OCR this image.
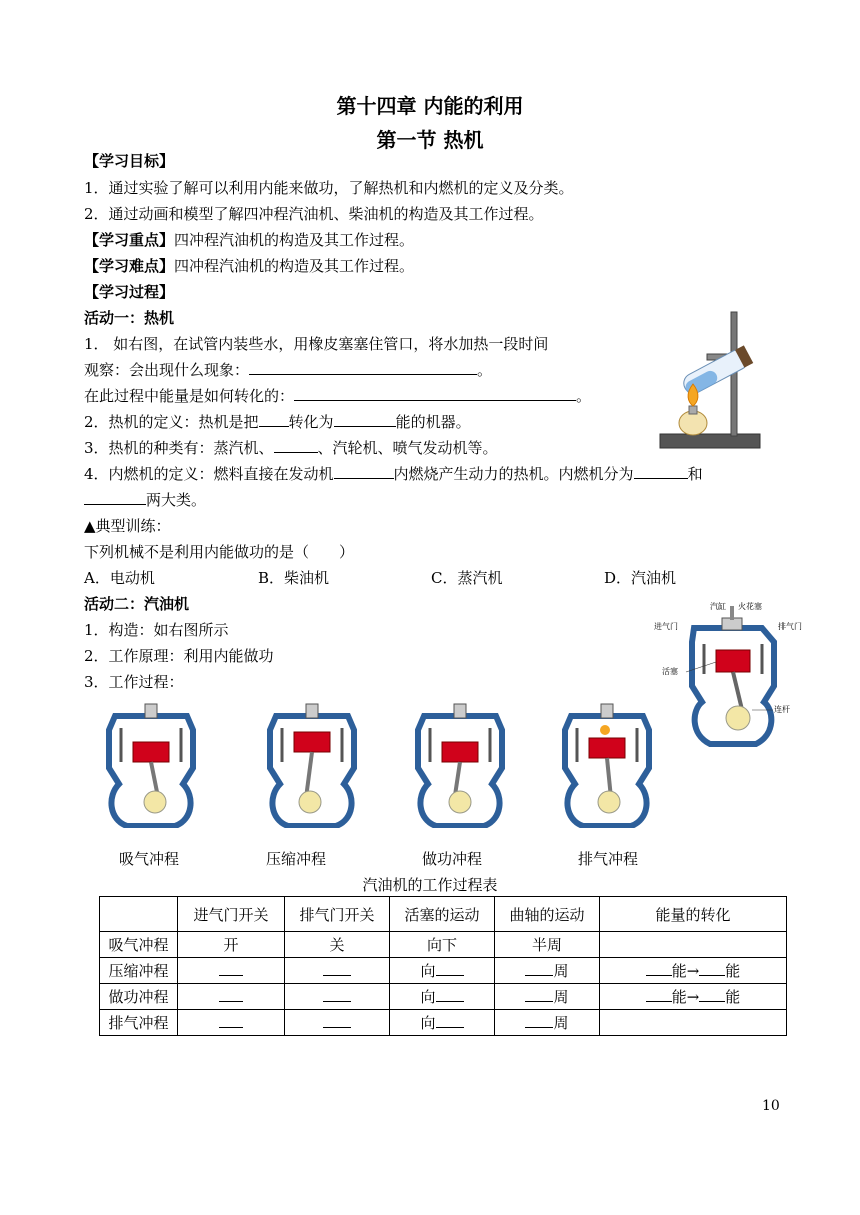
第十四章 内能的利用
第一节 热机
【学习目标】
1．通过实验了解可以利用内能来做功，了解热机和内燃机的定义及分类。
2．通过动画和模型了解四冲程汽油机、柴油机的构造及其工作过程。
【学习重点】四冲程汽油机的构造及其工作过程。
【学习难点】四冲程汽油机的构造及其工作过程。
【学习过程】
活动一：热机
1． 如右图，在试管内装些水，用橡皮塞塞住管口，将水加热一段时间
观察：会出现什么现象：	。
在此过程中能量是如何转化的：	。
2．热机的定义：热机是把 转化为	能的机器。
3．热机的种类有：蒸汽机、	、汽轮机、喷气发动机等。
4．内燃机的定义：燃料直接在发动机	内燃烧产生动力的热机。内燃机分为	和
两大类。
▲典型训练：
下列机械不是利用内能做功的是（　　）
A．电动机	B．柴油机	C．蒸汽机	D．汽油机
活动二：汽油机
1．构造：如右图所示
2．工作原理：利用内能做功
3．工作过程：
汽缸 火花塞
进气门	排气门
活塞
连杆
吸气冲程	压缩冲程	做功冲程	排气冲程
汽油机的工作过程表
	进气门开关	排气门开关	活塞的运动	曲轴的运动	能量的转化
吸气冲程	开	关	向下	半周	
压缩冲程			向	周	能→ 能
做功冲程			向	周	能→ 能
排气冲程			向	周	
10
